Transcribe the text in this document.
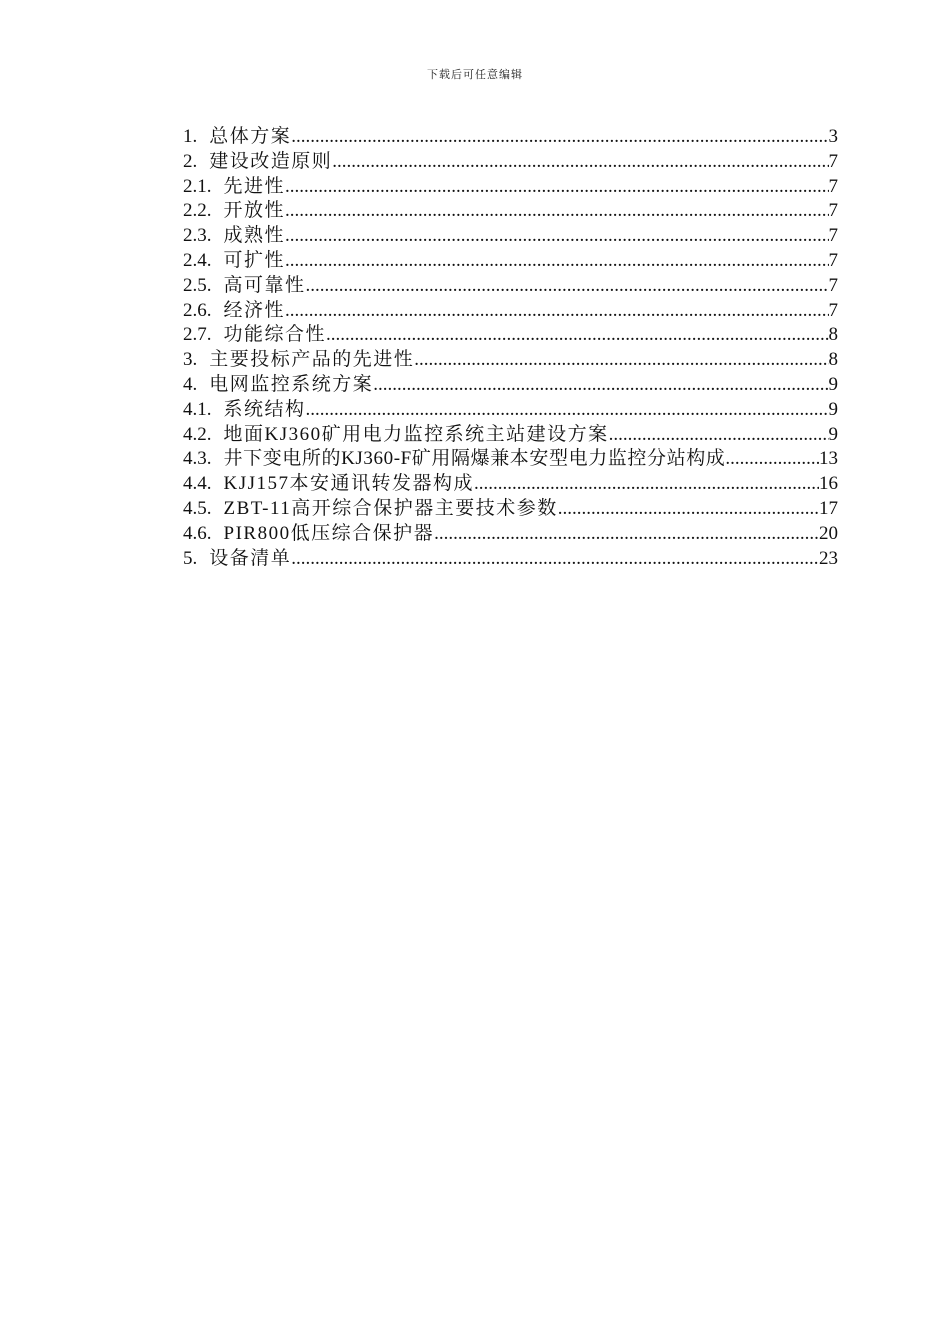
下载后可任意编辑
1. 总体方案 .....	3
2. 建设改造原则 .....	7
2.1. 先进性 .....	7
2.2. 开放性 .....	7
2.3. 成熟性 .....	7
2.4. 可扩性 .....	7
2.5. 高可靠性 .....	7
2.6. 经济性 .....	7
2.7. 功能综合性 .....	8
3. 主要投标产品的先进性 .....	8
4. 电网监控系统方案 .....	9
4.1. 系统结构 .....	9
4.2. 地面KJ360矿用电力监控系统主站建设方案 .....	9
4.3. 井下变电所的KJ360-F矿用隔爆兼本安型电力监控分站构成 .....	13
4.4. KJJ157本安通讯转发器构成 .....	16
4.5. ZBT-11高开综合保护器主要技术参数 .....	17
4.6. PIR800低压综合保护器 .....	20
5. 设备清单 .....	23
